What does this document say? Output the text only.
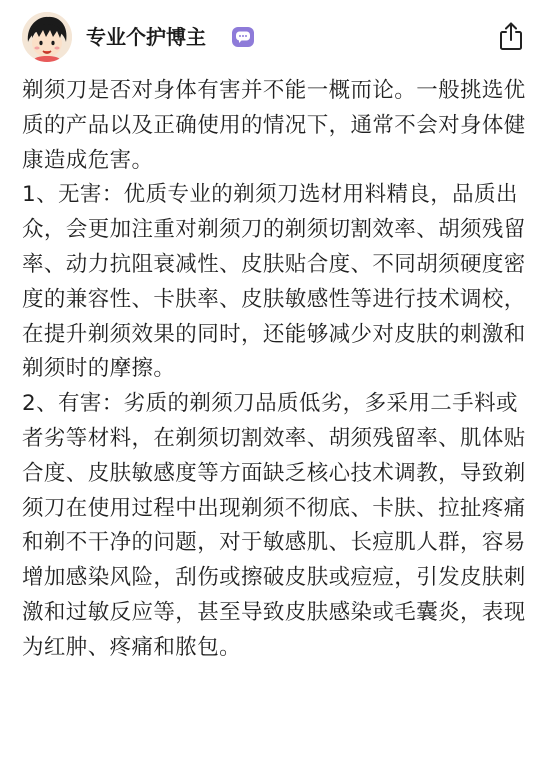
专业个护博主

剃须刀是否对身体有害并不能一概而论。一般挑选优质的产品以及正确使用的情况下，通常不会对身体健康造成危害。

1、无害：优质专业的剃须刀选材用料精良，品质出众，会更加注重对剃须刀的剃须切割效率、胡须残留率、动力抗阻衰减性、皮肤贴合度、不同胡须硬度密度的兼容性、卡肤率、皮肤敏感性等进行技术调校，在提升剃须效果的同时，还能够减少对皮肤的刺激和剃须时的摩擦。

2、有害：劣质的剃须刀品质低劣，多采用二手料或者劣等材料，在剃须切割效率、胡须残留率、肌体贴合度、皮肤敏感度等方面缺乏核心技术调教，导致剃须刀在使用过程中出现剃须不彻底、卡肤、拉扯疼痛和剃不干净的问题，对于敏感肌、长痘肌人群，容易增加感染风险，刮伤或擦破皮肤或痘痘，引发皮肤刺激和过敏反应等，甚至导致皮肤感染或毛囊炎，表现为红肿、疼痛和脓包。
